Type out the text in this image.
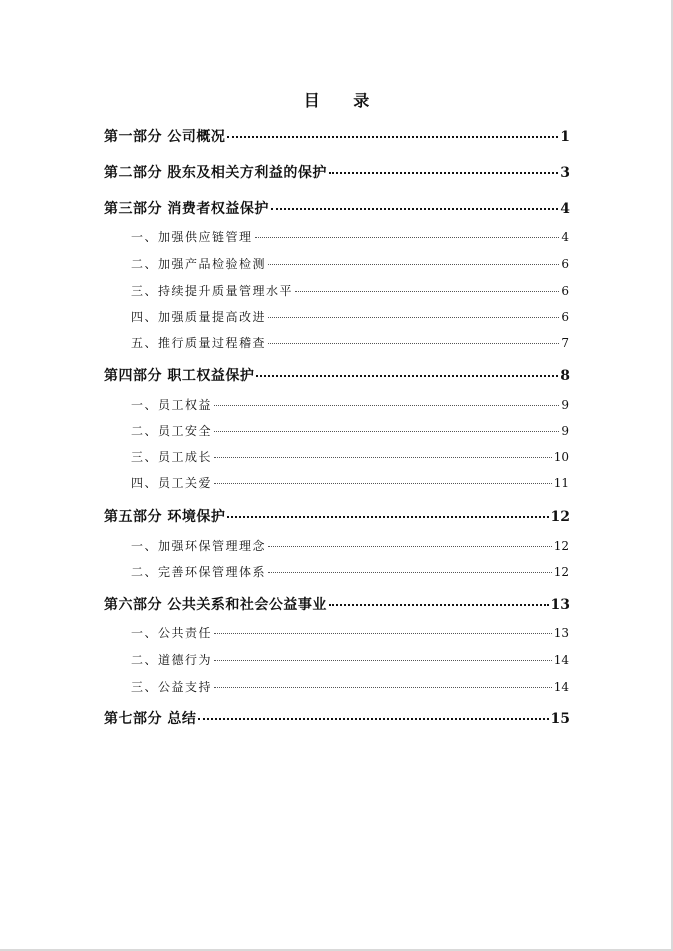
目 录
第一部分 公司概况	1
第二部分 股东及相关方利益的保护	3
第三部分 消费者权益保护	4
一、加强供应链管理	4
二、加强产品检验检测	6
三、持续提升质量管理水平	6
四、加强质量提高改进	6
五、推行质量过程稽查	7
第四部分 职工权益保护	8
一、员工权益	9
二、员工安全	9
三、员工成长	10
四、员工关爱	11
第五部分 环境保护	12
一、加强环保管理理念	12
二、完善环保管理体系	12
第六部分 公共关系和社会公益事业	13
一、公共责任	13
二、道德行为	14
三、公益支持	14
第七部分 总结	15
